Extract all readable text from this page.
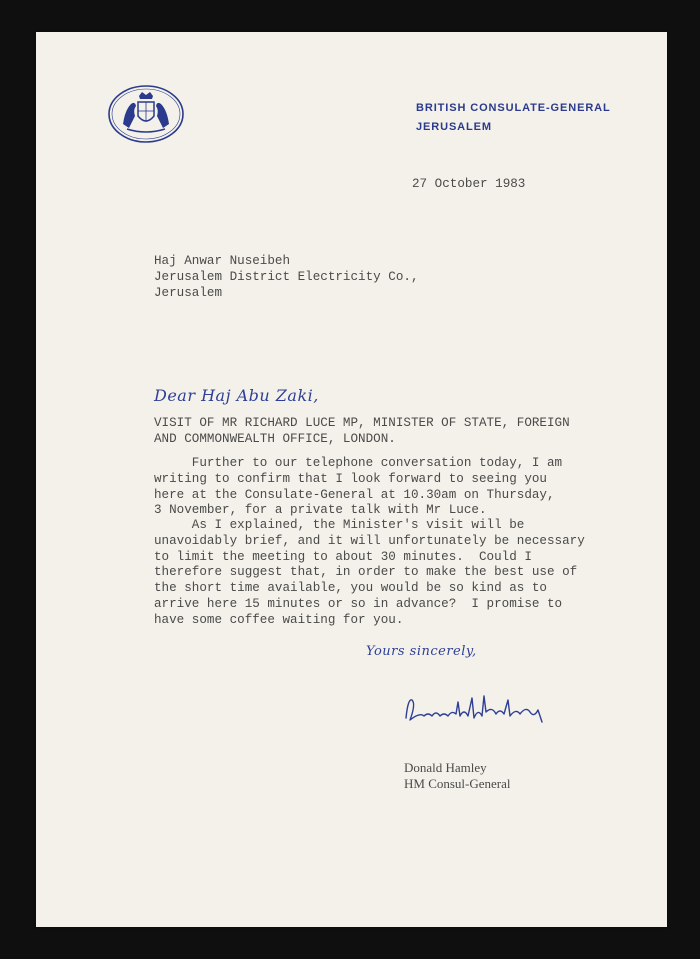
BRITISH CONSULATE-GENERAL
JERUSALEM
27 October 1983
Haj Anwar Nuseibeh
Jerusalem District Electricity Co.,
Jerusalem
Dear Haj Abu Zaki,
VISIT OF MR RICHARD LUCE MP, MINISTER OF STATE, FOREIGN
AND COMMONWEALTH OFFICE, LONDON.
Further to our telephone conversation today, I am
writing to confirm that I look forward to seeing you
here at the Consulate-General at 10.30am on Thursday,
3 November, for a private talk with Mr Luce.
As I explained, the Minister's visit will be
unavoidably brief, and it will unfortunately be necessary
to limit the meeting to about 30 minutes.  Could I
therefore suggest that, in order to make the best use of
the short time available, you would be so kind as to
arrive here 15 minutes or so in advance?  I promise to
have some coffee waiting for you.
Yours sincerely,
Donald Hamley
HM Consul-General
